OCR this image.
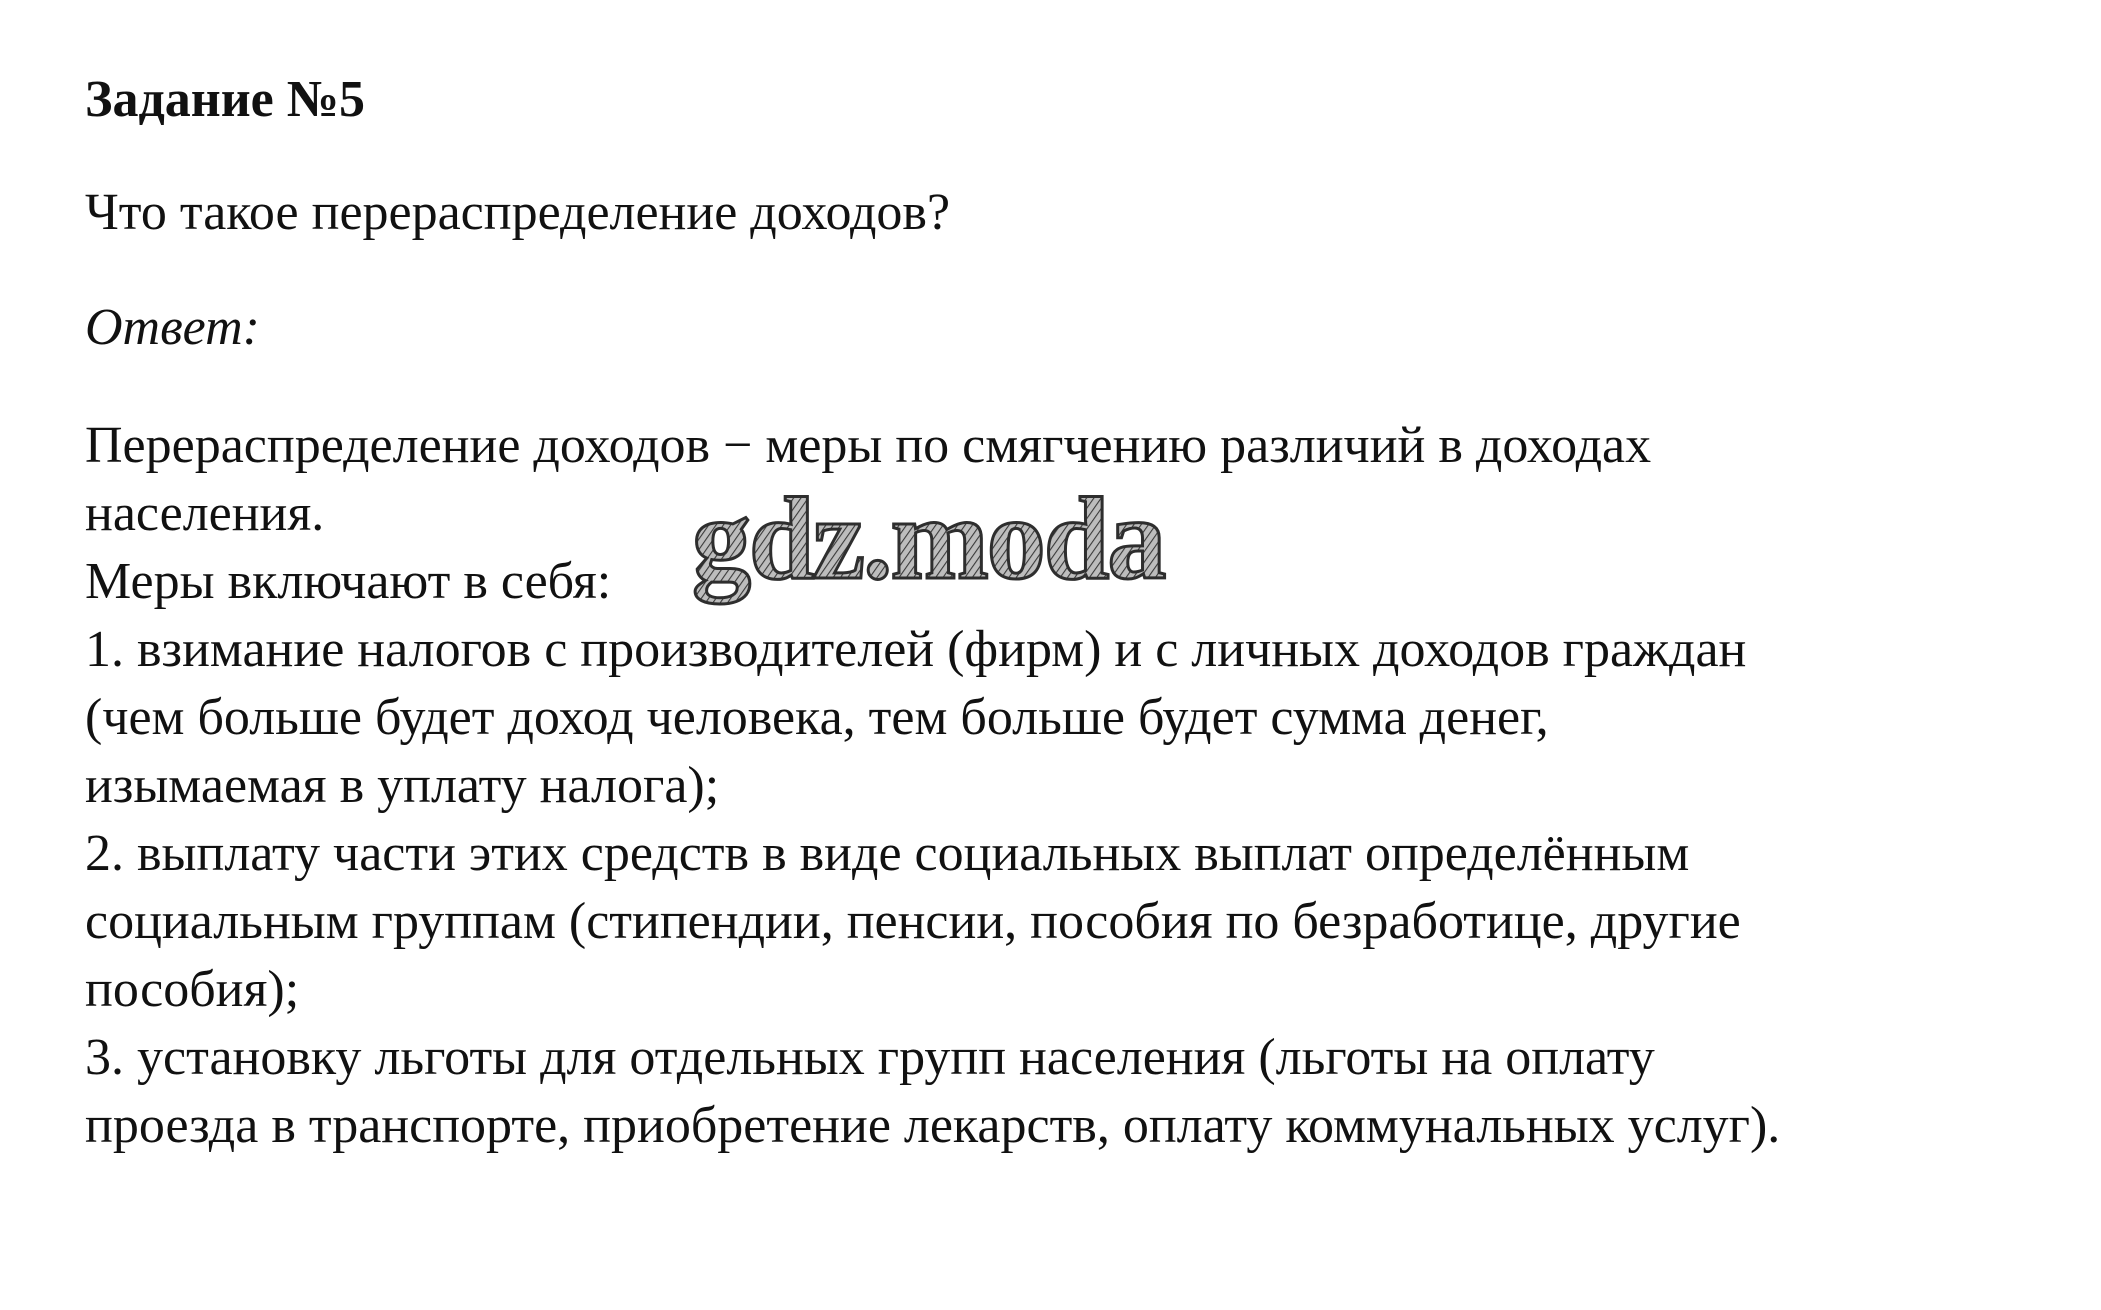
Задание №5
Что такое перераспределение доходов?
Ответ:
Перераспределение доходов − меры по смягчению различий в доходах
населения.
Меры включают в себя:
1. взимание налогов с производителей (фирм) и с личных доходов граждан
(чем больше будет доход человека, тем больше будет сумма денег,
изымаемая в уплату налога);
2. выплату части этих средств в виде социальных выплат определённым
социальным группам (стипендии, пенсии, пособия по безработице, другие
пособия);
3. установку льготы для отдельных групп населения (льготы на оплату
проезда в транспорте, приобретение лекарств, оплату коммунальных услуг).
gdz.moda
